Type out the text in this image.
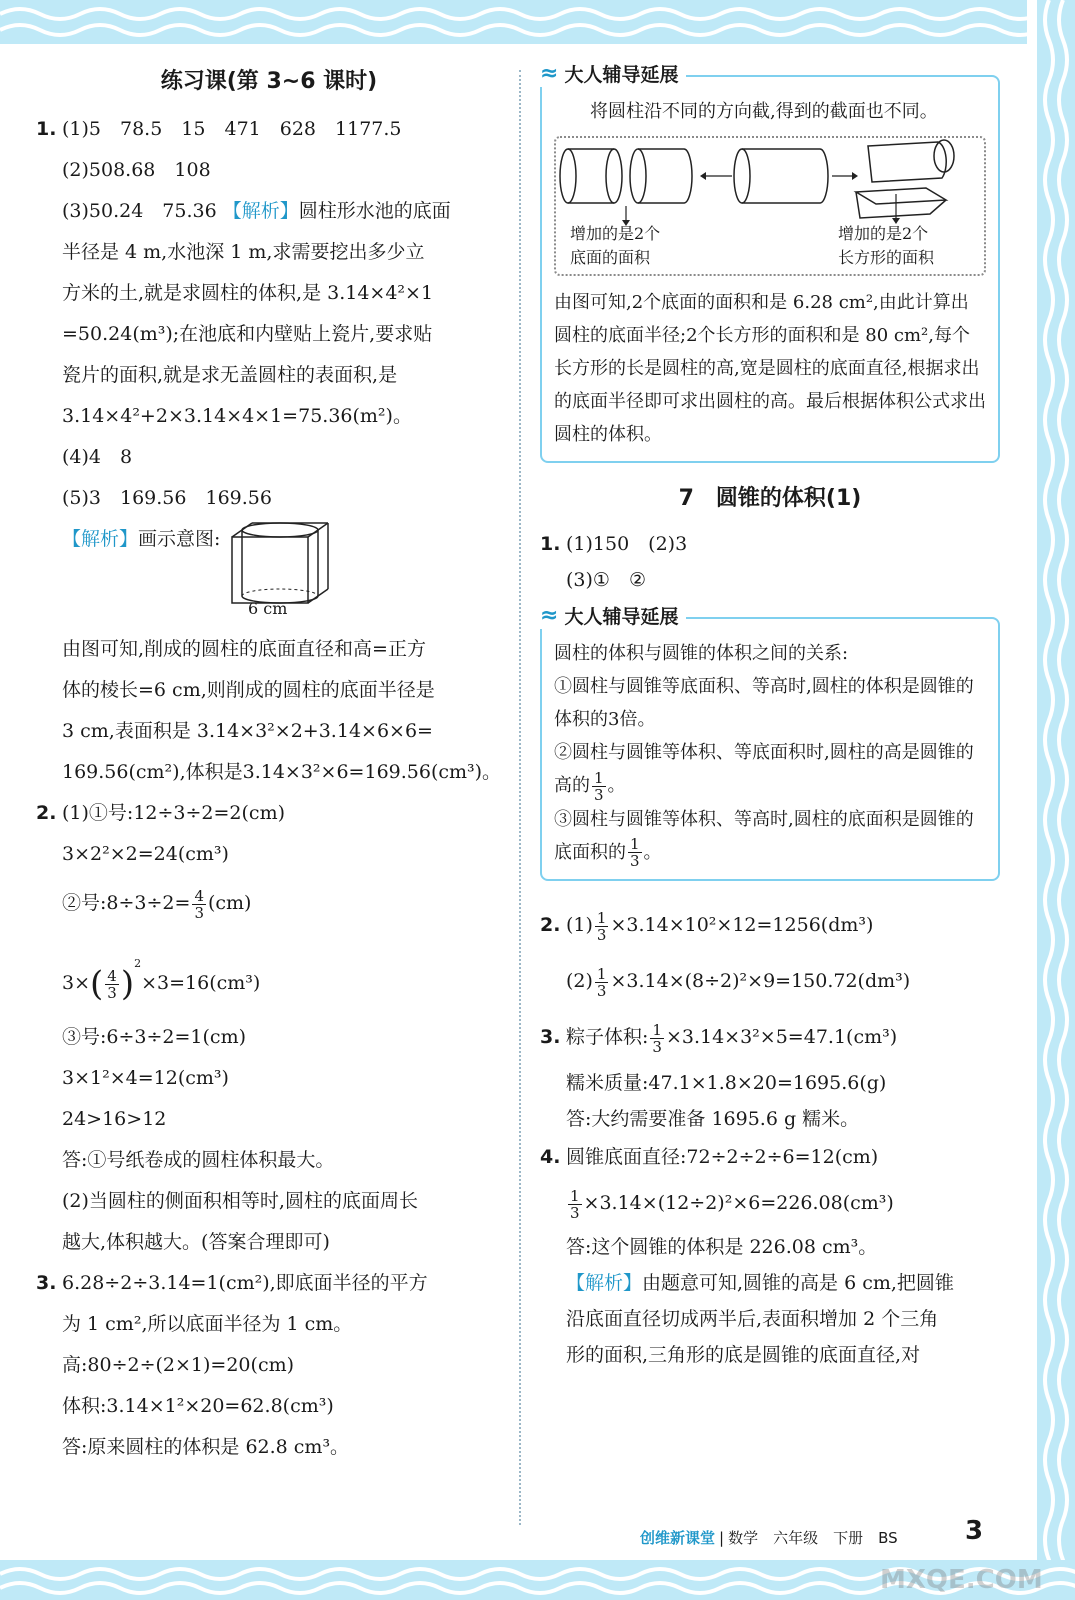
练习课(第 3~6 课时)
1. (1)5　78.5　15　471　628　1177.5
(2)508.68　108
(3)50.24　75.36 【解析】圆柱形水池的底面
半径是 4 m,水池深 1 m,求需要挖出多少立
方米的土,就是求圆柱的体积,是 3.14×4²×1
=50.24(m³);在池底和内壁贴上瓷片,要求贴
瓷片的面积,就是求无盖圆柱的表面积,是
3.14×4²+2×3.14×4×1=75.36(m²)。
(4)4　8
(5)3　169.56　169.56
【解析】画示意图:
6 cm
由图可知,削成的圆柱的底面直径和高=正方
体的棱长=6 cm,则削成的圆柱的底面半径是
3 cm,表面积是 3.14×3²×2+3.14×6×6=
169.56(cm²),体积是3.14×3²×6=169.56(cm³)。
2. (1)①号:12÷3÷2=2(cm)
3×2²×2=24(cm³)
②号:8÷3÷2= $\frac{4}{3} (cm)$
$3\times( \frac{4}{3} )^2\times 3=16(cm^3)$
③号:6÷3÷2=1(cm)
3×1²×4=12(cm³)
24>16>12
答:①号纸卷成的圆柱体积最大。
(2)当圆柱的侧面积相等时,圆柱的底面周长
越大,体积越大。(答案合理即可)
3. 6.28÷2÷3.14=1(cm²),即底面半径的平方
为 1 cm²,所以底面半径为 1 cm。
高:80÷2÷(2×1)=20(cm)
体积:3.14×1²×20=62.8(cm³)
答:原来圆柱的体积是 62.8 cm³。
≈ 大人辅导延展
将圆柱沿不同的方向截,得到的截面也不同。
增加的是2个
底面的面积
增加的是2个
长方形的面积
由图可知,2个底面的面积和是 6.28 cm²,由此计算出圆柱的底面半径;2个长方形的面积和是 80 cm²,每个长方形的长是圆柱的高,宽是圆柱的底面直径,根据求出的底面半径即可求出圆柱的高。最后根据体积公式求出圆柱的体积。
7　圆锥的体积(1)
1. (1)150　(2)3
(3)①　②
≈ 大人辅导延展
圆柱的体积与圆锥的体积之间的关系:
①圆柱与圆锥等底面积、等高时,圆柱的体积是圆锥的体积的3倍。
②圆柱与圆锥等体积、等底面积时,圆柱的高是圆锥的高的 $\frac{1}{3}$ 。
③圆柱与圆锥等体积、等高时,圆柱的底面积是圆锥的底面积的 $\frac{1}{3}$ 。
2. $(1) \frac{1}{3} \times 3.14\times 10^2\times 12=1256(dm^3)$
$(2) \frac{1}{3} \times 3.14\times(8\div 2)^2\times 9=150.72(dm^3)$
3. 粽子体积: $\frac{1}{3} \times 3.14\times 3^2\times 5=47.1(cm^3)$
糯米质量:47.1×1.8×20=1695.6(g)
答:大约需要准备 1695.6 g 糯米。
4. 圆锥底面直径:72÷2÷2÷6=12(cm)
$\frac{1}{3} \times 3.14\times(12\div 2)^2\times 6=226.08(cm^3)$
答:这个圆锥的体积是 226.08 cm³。
【解析】由题意可知,圆锥的高是 6 cm,把圆锥
沿底面直径切成两半后,表面积增加 2 个三角
形的面积,三角形的底是圆锥的底面直径,对
创维新课堂 | 数学　六年级　下册　BS	3
MXQE.COM
